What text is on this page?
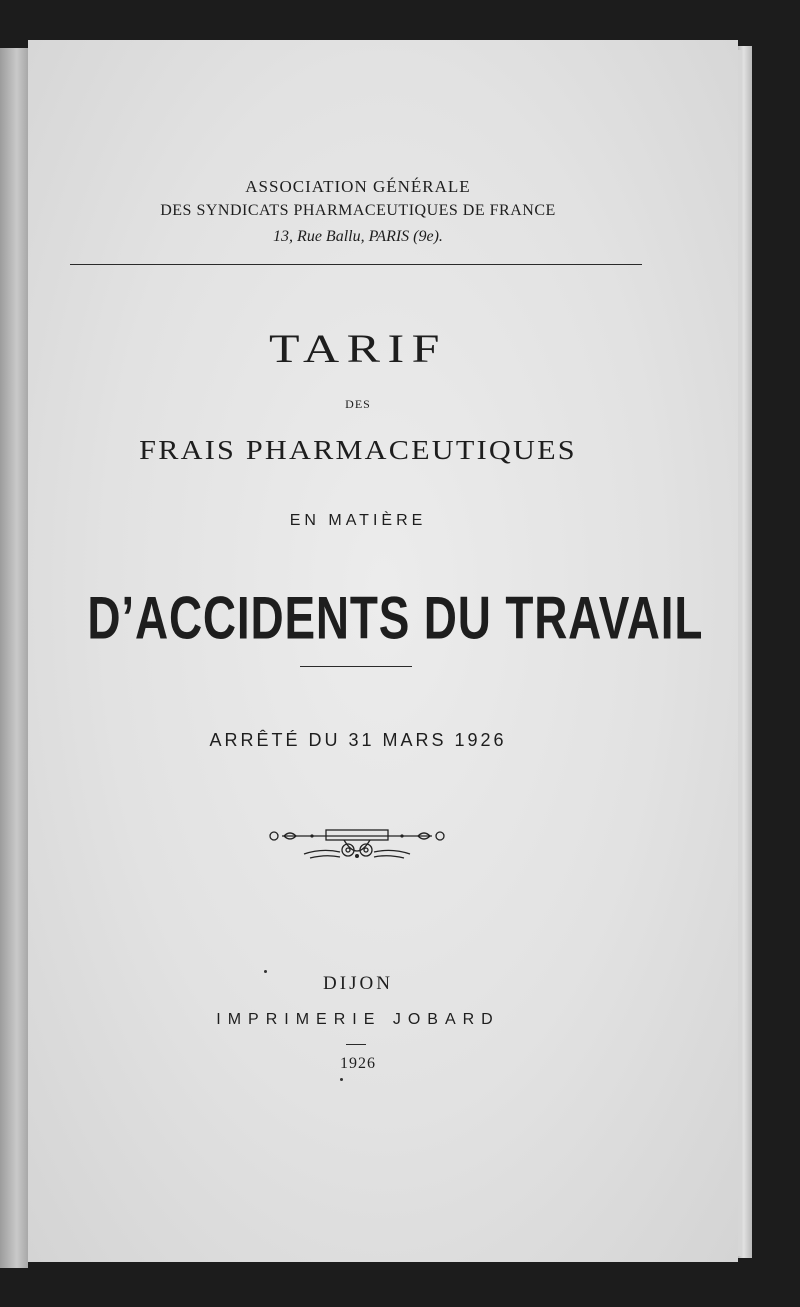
ASSOCIATION GÉNÉRALE
DES SYNDICATS PHARMACEUTIQUES DE FRANCE
13, Rue Ballu, PARIS (9e).
TARIF
DES
FRAIS PHARMACEUTIQUES
EN MATIÈRE
D’ACCIDENTS DU TRAVAIL
ARRÊTÉ DU 31 MARS 1926
DIJON
IMPRIMERIE JOBARD
1926
